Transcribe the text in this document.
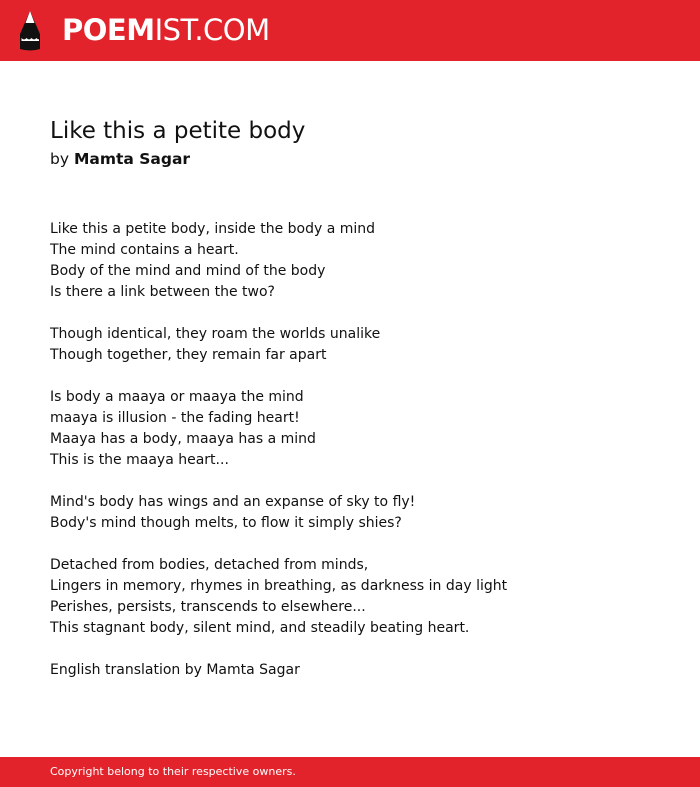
POEMIST.COM
Like this a petite body
by Mamta Sagar
Like this a petite body, inside the body a mind
The mind contains a heart.
Body of the mind and mind of the body
Is there a link between the two?
Though identical, they roam the worlds unalike
Though together, they remain far apart
Is body a maaya or maaya the mind
maaya is illusion - the fading heart!
Maaya has a body, maaya has a mind
This is the maaya heart...
Mind's body has wings and an expanse of sky to fly!
Body's mind though melts, to flow it simply shies?
Detached from bodies, detached from minds,
Lingers in memory, rhymes in breathing, as darkness in day light
Perishes, persists, transcends to elsewhere...
This stagnant body, silent mind, and steadily beating heart.
English translation by Mamta Sagar
Copyright belong to their respective owners.
